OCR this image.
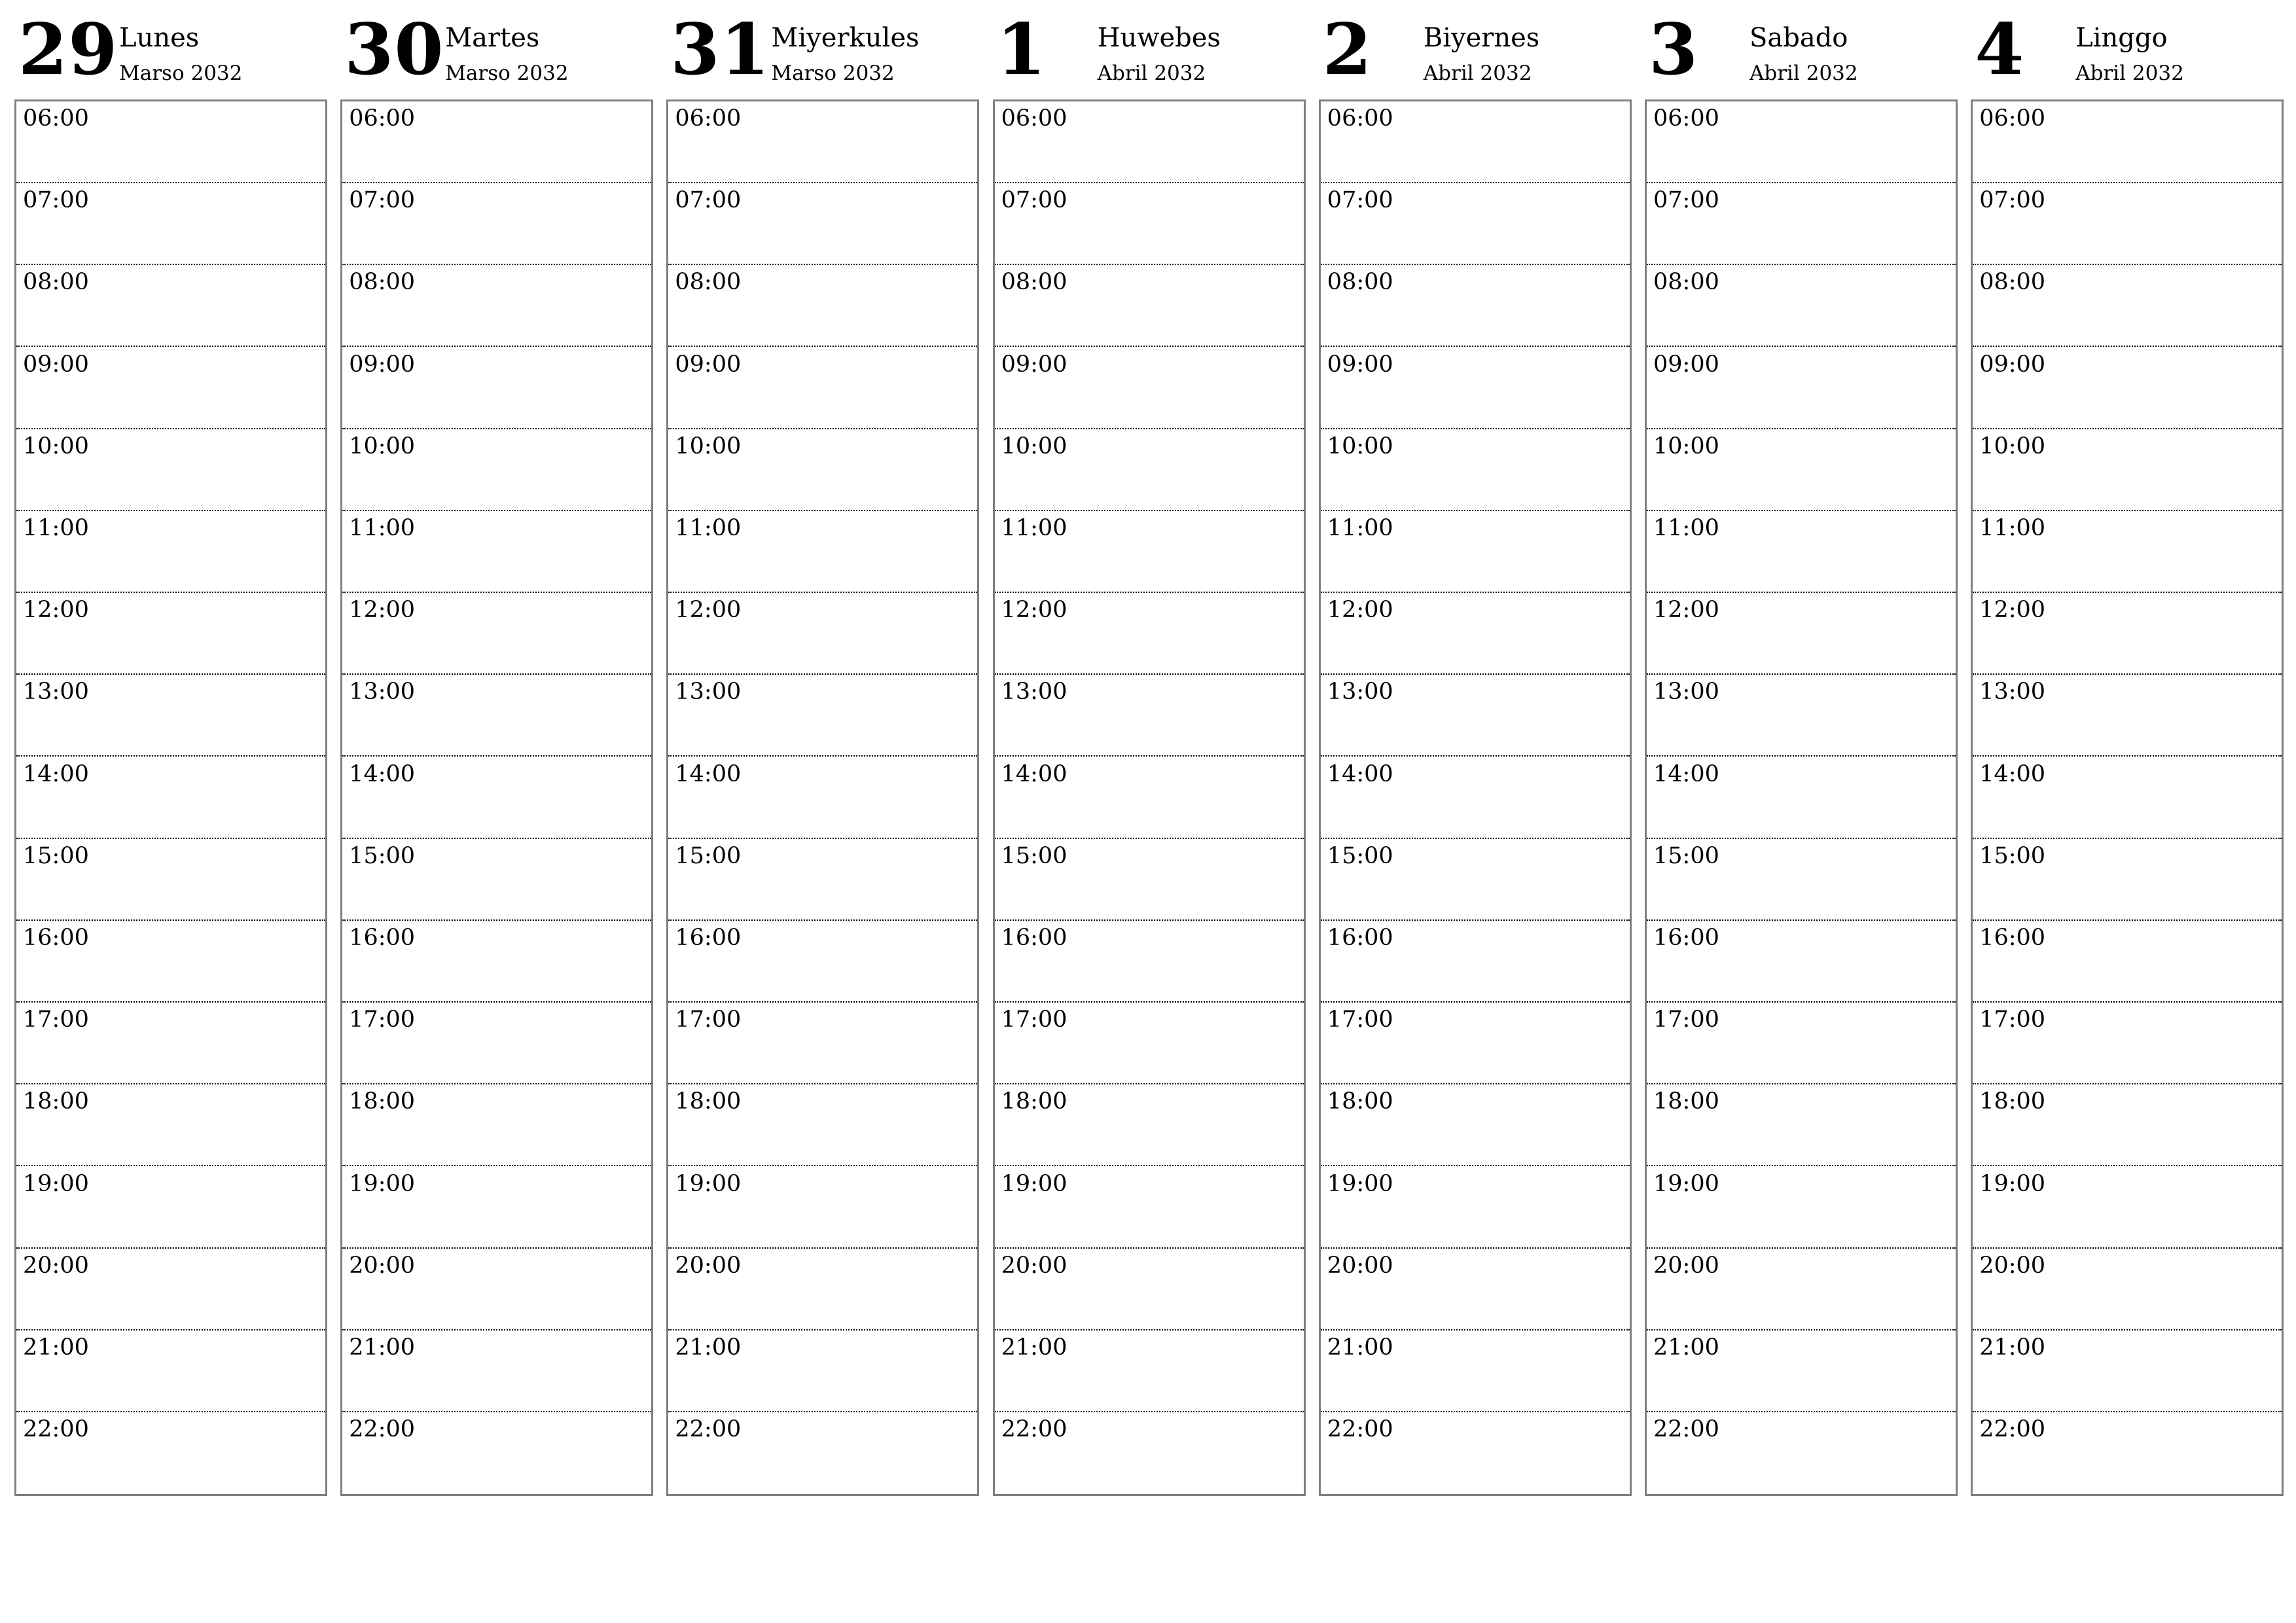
29 Lunes
Marso 2032
06:00
07:00
08:00
09:00
10:00
11:00
12:00
13:00
14:00
15:00
16:00
17:00
18:00
19:00
20:00
21:00
22:00
30 Martes
Marso 2032
06:00
07:00
08:00
09:00
10:00
11:00
12:00
13:00
14:00
15:00
16:00
17:00
18:00
19:00
20:00
21:00
22:00
31 Miyerkules
Marso 2032
06:00
07:00
08:00
09:00
10:00
11:00
12:00
13:00
14:00
15:00
16:00
17:00
18:00
19:00
20:00
21:00
22:00
1 Huwebes
Abril 2032
06:00
07:00
08:00
09:00
10:00
11:00
12:00
13:00
14:00
15:00
16:00
17:00
18:00
19:00
20:00
21:00
22:00
2 Biyernes
Abril 2032
06:00
07:00
08:00
09:00
10:00
11:00
12:00
13:00
14:00
15:00
16:00
17:00
18:00
19:00
20:00
21:00
22:00
3 Sabado
Abril 2032
06:00
07:00
08:00
09:00
10:00
11:00
12:00
13:00
14:00
15:00
16:00
17:00
18:00
19:00
20:00
21:00
22:00
4 Linggo
Abril 2032
06:00
07:00
08:00
09:00
10:00
11:00
12:00
13:00
14:00
15:00
16:00
17:00
18:00
19:00
20:00
21:00
22:00
